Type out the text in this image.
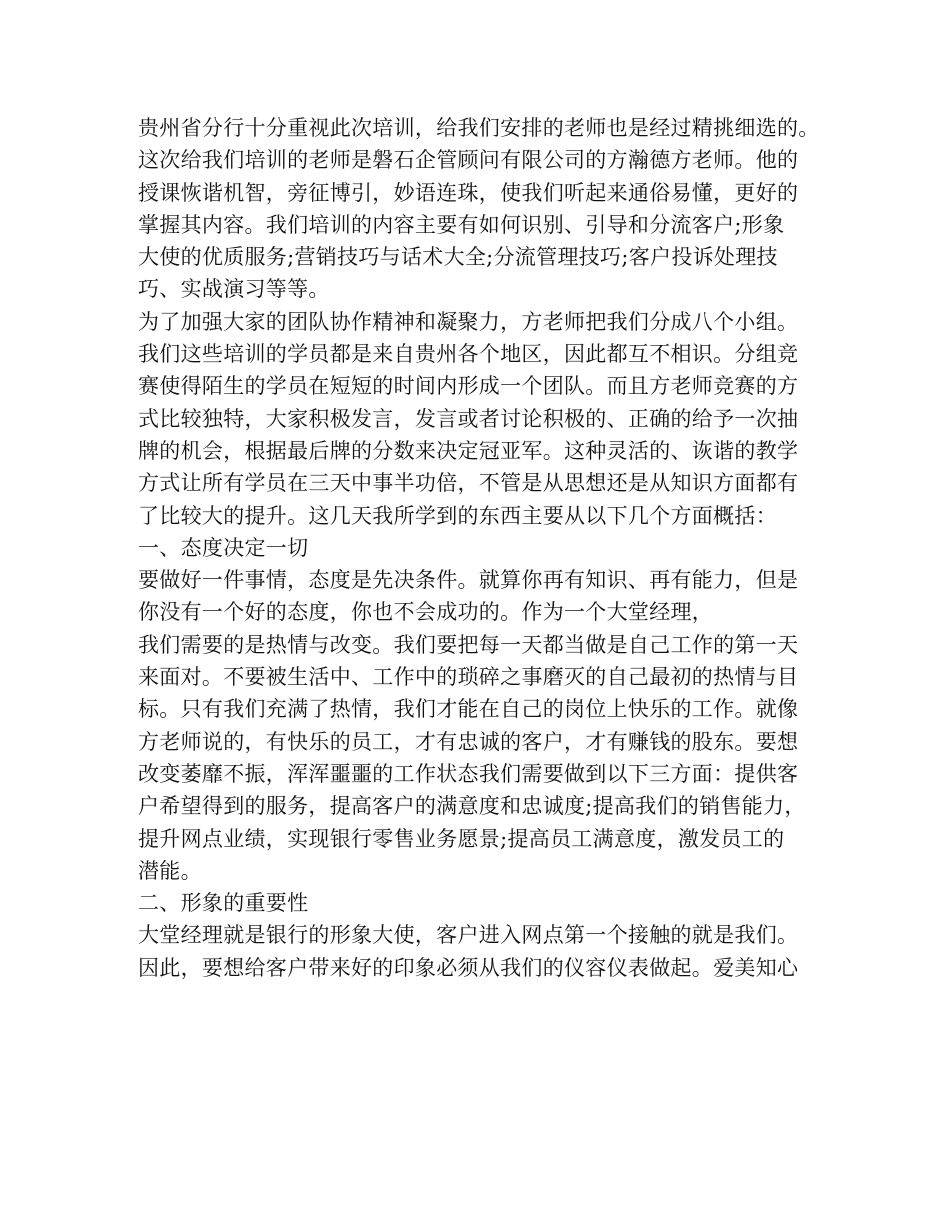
贵州省分行十分重视此次培训，给我们安排的老师也是经过精挑细选的。
这次给我们培训的老师是磐石企管顾问有限公司的方瀚德方老师。他的
授课恢谐机智，旁征博引，妙语连珠，使我们听起来通俗易懂，更好的
掌握其内容。我们培训的内容主要有如何识别、引导和分流客户;形象
大使的优质服务;营销技巧与话术大全;分流管理技巧;客户投诉处理技
巧、实战演习等等。
为了加强大家的团队协作精神和凝聚力，方老师把我们分成八个小组。
我们这些培训的学员都是来自贵州各个地区，因此都互不相识。分组竞
赛使得陌生的学员在短短的时间内形成一个团队。而且方老师竞赛的方
式比较独特，大家积极发言，发言或者讨论积极的、正确的给予一次抽
牌的机会，根据最后牌的分数来决定冠亚军。这种灵活的、诙谐的教学
方式让所有学员在三天中事半功倍，不管是从思想还是从知识方面都有
了比较大的提升。这几天我所学到的东西主要从以下几个方面概括：
一、态度决定一切
要做好一件事情，态度是先决条件。就算你再有知识、再有能力，但是
你没有一个好的态度，你也不会成功的。作为一个大堂经理，
我们需要的是热情与改变。我们要把每一天都当做是自己工作的第一天
来面对。不要被生活中、工作中的琐碎之事磨灭的自己最初的热情与目
标。只有我们充满了热情，我们才能在自己的岗位上快乐的工作。就像
方老师说的，有快乐的员工，才有忠诚的客户，才有赚钱的股东。要想
改变萎靡不振，浑浑噩噩的工作状态我们需要做到以下三方面：提供客
户希望得到的服务，提高客户的满意度和忠诚度;提高我们的销售能力，
提升网点业绩，实现银行零售业务愿景;提高员工满意度，激发员工的
潜能。
二、形象的重要性
大堂经理就是银行的形象大使，客户进入网点第一个接触的就是我们。
因此，要想给客户带来好的印象必须从我们的仪容仪表做起。爱美知心
